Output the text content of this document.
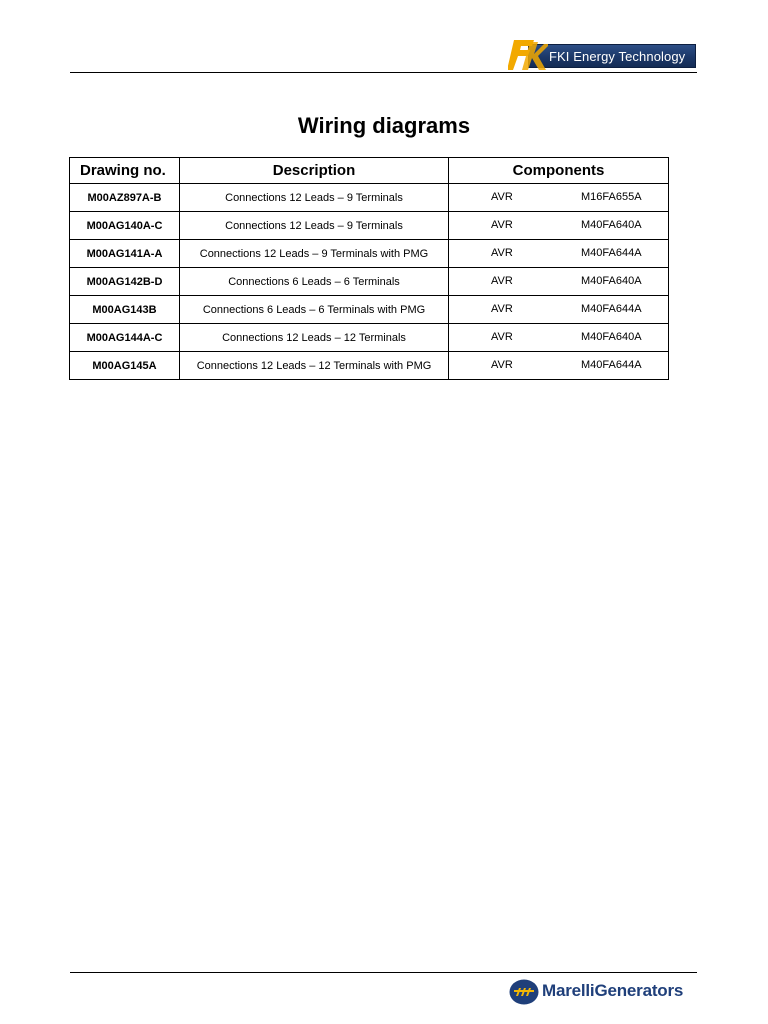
FKI Energy Technology
Wiring diagrams
Drawing no.	Description	Components
M00AZ897A-B	Connections 12 Leads – 9 Terminals	AVR M16FA655A

M00AG140A-C	Connections 12 Leads – 9 Terminals	AVR M40FA640A

M00AG141A-A	Connections 12 Leads – 9 Terminals with PMG	AVR M40FA644A

M00AG142B-D	Connections 6 Leads – 6 Terminals	AVR M40FA640A

M00AG143B	Connections 6 Leads – 6 Terminals with PMG	AVR M40FA644A

M00AG144A-C	Connections 12 Leads – 12 Terminals	AVR M40FA640A

M00AG145A	Connections 12 Leads – 12 Terminals with PMG	AVR M40FA644A
MarelliGenerators
